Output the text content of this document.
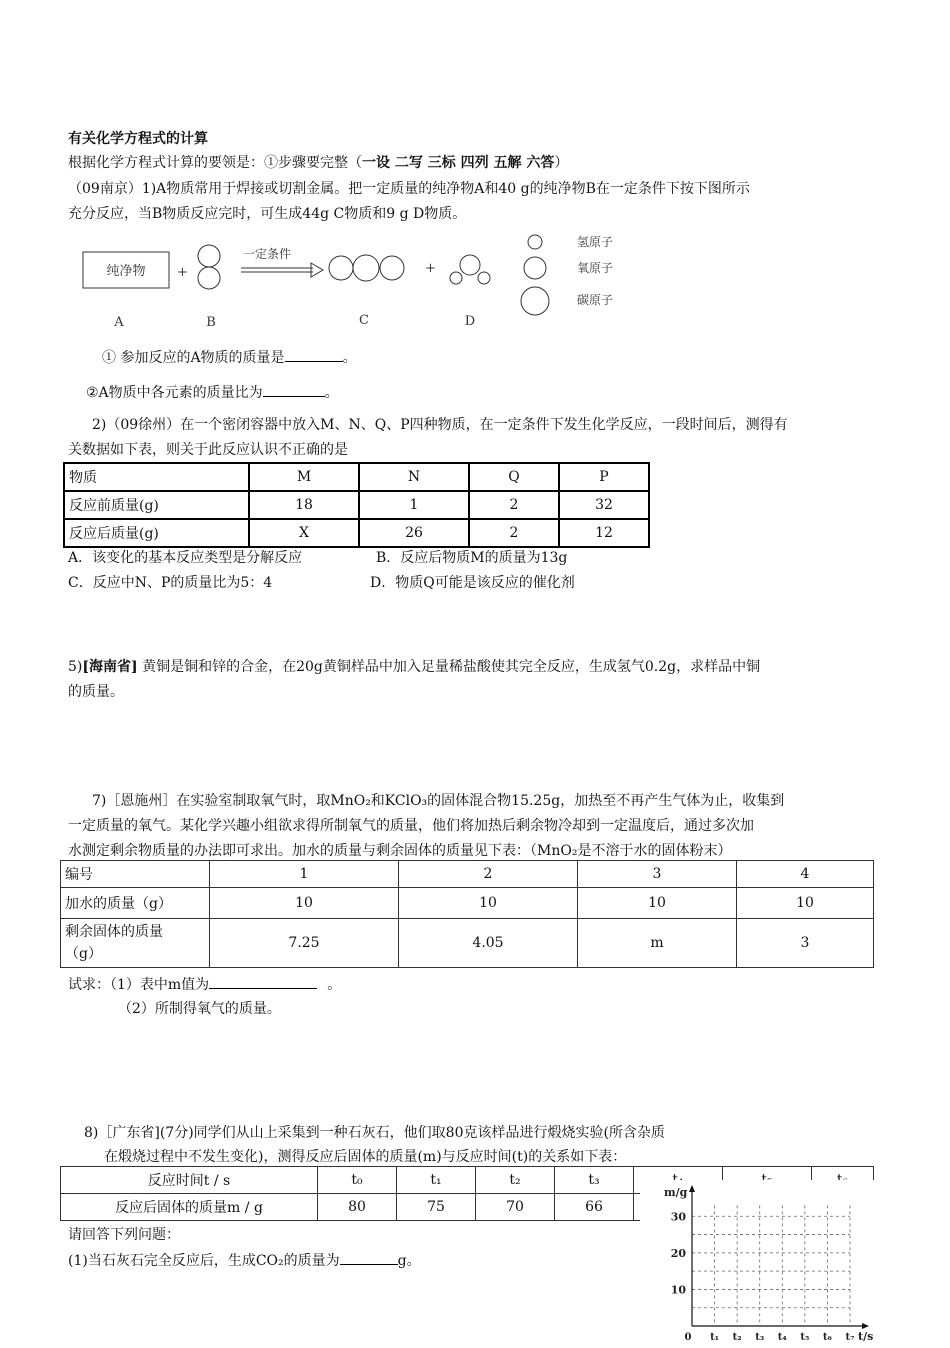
有关化学方程式的计算
根据化学方程式计算的要领是：①步骤要完整（一设 二写 三标 四列 五解 六答）
（09南京）1)A物质常用于焊接或切割金属。把一定质量的纯净物A和40 g的纯净物B在一定条件下按下图所示
充分反应，当B物质反应完时，可生成44g C物质和9 g D物质。
纯净物 +
一定条件
+
A	B	C	D
氢原子
氧原子
碳原子
① 参加反应的A物质的质量是	。
②A物质中各元素的质量比为	。
2)（09徐州）在一个密闭容器中放入M、N、Q、P四种物质，在一定条件下发生化学反应，一段时间后，测得有
关数据如下表，则关于此反应认识不正确的是
物质	M	N	Q	P
反应前质量(g)	18	1	2	32
反应后质量(g)	X	26	2	12
A．该变化的基本反应类型是分解反应	B．反应后物质M的质量为13g
C．反应中N、P的质量比为5：4	D．物质Q可能是该反应的催化剂
5)[海南省] 黄铜是铜和锌的合金，在20g黄铜样品中加入足量稀盐酸使其完全反应，生成氢气0.2g，求样品中铜
的质量。
7)［恩施州］在实验室制取氧气时，取MnO₂和KClO₃的固体混合物15.25g，加热至不再产生气体为止，收集到
一定质量的氧气。某化学兴趣小组欲求得所制氧气的质量，他们将加热后剩余物冷却到一定温度后，通过多次加
水测定剩余物质量的办法即可求出。加水的质量与剩余固体的质量见下表：（MnO₂是不溶于水的固体粉末）
编号	1	2	3	4
加水的质量（g）	10	10	10	10

剩余固体的质量
（g）	7.25	4.05	m	3
试求：（1）表中m值为	。
（2）所制得氧气的质量。
8)［广东省](7分)同学们从山上采集到一种石灰石，他们取80克该样品进行煅烧实验(所含杂质
在煅烧过程中不发生变化)，测得反应后固体的质量(m)与反应时间(t)的关系如下表：
反应时间t / s	t₀	t₁	t₂	t₃			
反应后固体的质量m / g	80	75	70	66			
请回答下列问题：
(1)当石灰石完全反应后，生成CO₂的质量为	g。
m/g
10
20
30
0 t₁ t₂ t₃ t₄ t₅ t₆ t₇ t/s
